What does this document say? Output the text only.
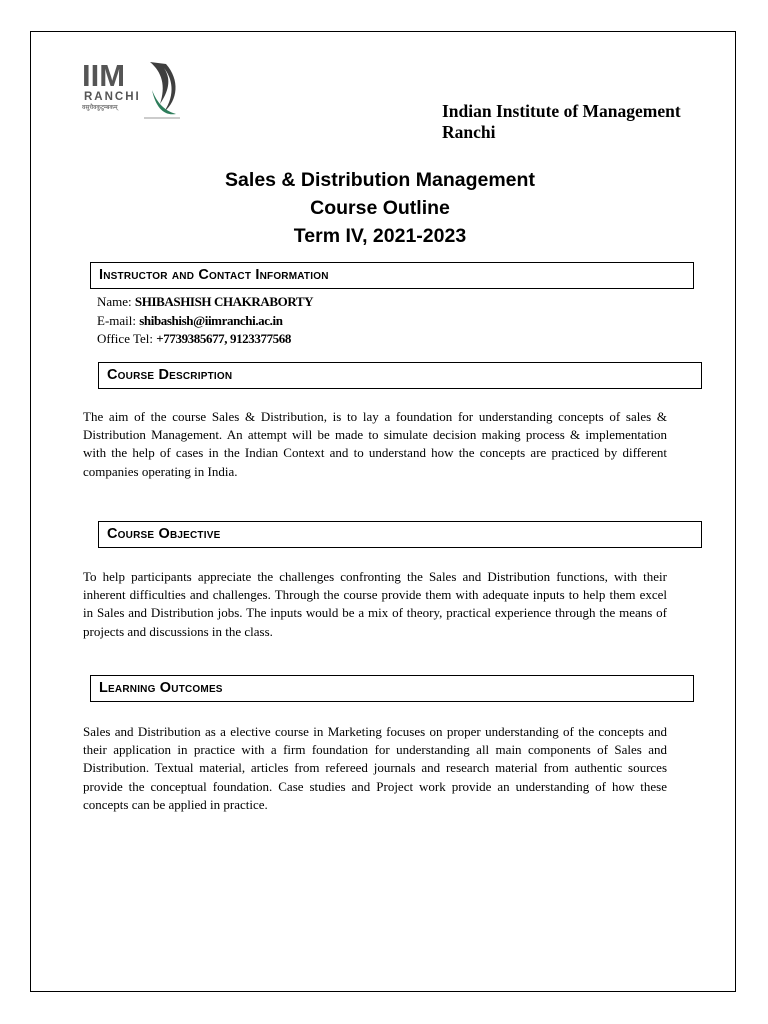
IIM
RANCHI
वसुधैवकुटुम्बकम्	Indian Institute of Management
Ranchi
Sales & Distribution Management
Course Outline
Term IV, 2021-2023
Instructor and Contact Information
Name: SHIBASHISH CHAKRABORTY
E-mail: shibashish@iimranchi.ac.in
Office Tel: +7739385677, 9123377568
Course Description
The aim of the course Sales & Distribution, is to lay a foundation for understanding concepts of sales & Distribution Management. An attempt will be made to simulate decision making process & implementation with the help of cases in the Indian Context and to understand how the concepts are practiced by different companies operating in India.
Course Objective
To help participants appreciate the challenges confronting the Sales and Distribution functions, with their inherent difficulties and challenges. Through the course provide them with adequate inputs to help them excel in Sales and Distribution jobs. The inputs would be a mix of theory, practical experience through the means of projects and discussions in the class.
Learning Outcomes
Sales and Distribution as a elective course in Marketing focuses on proper understanding of the concepts and their application in practice with a firm foundation for understanding all main components of Sales and Distribution. Textual material, articles from refereed journals and research material from authentic sources provide the conceptual foundation. Case studies and Project work provide an understanding of how these concepts can be applied in practice.
